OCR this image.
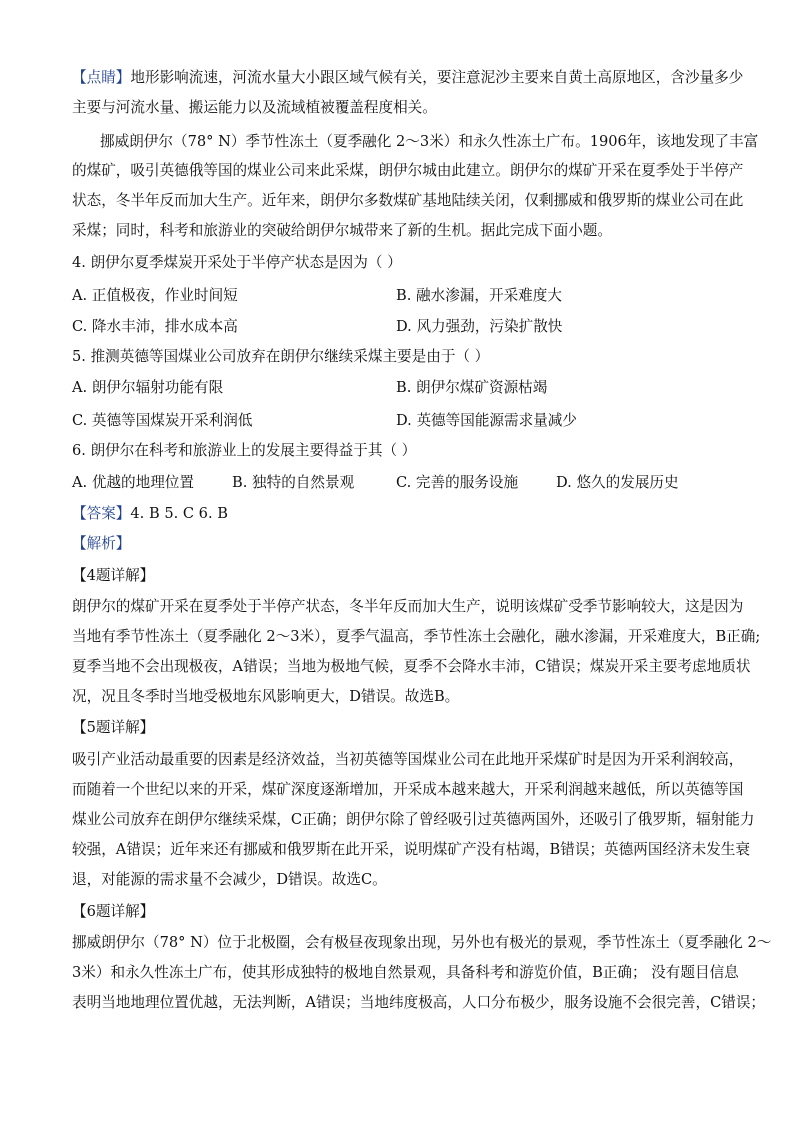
【点睛】地形影响流速，河流水量大小跟区域气候有关，要注意泥沙主要来自黄土高原地区，含沙量多少
主要与河流水量、搬运能力以及流域植被覆盖程度相关。
挪威朗伊尔（78° N）季节性冻土（夏季融化 2～3米）和永久性冻土广布。1906年，该地发现了丰富
的煤矿，吸引英德俄等国的煤业公司来此采煤，朗伊尔城由此建立。朗伊尔的煤矿开采在夏季处于半停产
状态，冬半年反而加大生产。近年来，朗伊尔多数煤矿基地陆续关闭，仅剩挪威和俄罗斯的煤业公司在此
采煤；同时，科考和旅游业的突破给朗伊尔城带来了新的生机。据此完成下面小题。
4. 朗伊尔夏季煤炭开采处于半停产状态是因为（ ）
A. 正值极夜，作业时间短	B. 融水渗漏，开采难度大
C. 降水丰沛，排水成本高	D. 风力强劲，污染扩散快
5. 推测英德等国煤业公司放弃在朗伊尔继续采煤主要是由于（ ）
A. 朗伊尔辐射功能有限	B. 朗伊尔煤矿资源枯竭
C. 英德等国煤炭开采利润低	D. 英德等国能源需求量减少
6. 朗伊尔在科考和旅游业上的发展主要得益于其（ ）
A. 优越的地理位置	B. 独特的自然景观	C. 完善的服务设施	D. 悠久的发展历史
【答案】4. B 5. C 6. B
【解析】
【4题详解】
朗伊尔的煤矿开采在夏季处于半停产状态，冬半年反而加大生产，说明该煤矿受季节影响较大，这是因为
当地有季节性冻土（夏季融化 2～3米），夏季气温高，季节性冻土会融化，融水渗漏，开采难度大，B正确;
夏季当地不会出现极夜，A错误；当地为极地气候，夏季不会降水丰沛，C错误；煤炭开采主要考虑地质状
况，况且冬季时当地受极地东风影响更大，D错误。故选B。
【5题详解】
吸引产业活动最重要的因素是经济效益，当初英德等国煤业公司在此地开采煤矿时是因为开采利润较高，
而随着一个世纪以来的开采，煤矿深度逐渐增加，开采成本越来越大，开采利润越来越低，所以英德等国
煤业公司放弃在朗伊尔继续采煤，C正确；朗伊尔除了曾经吸引过英德两国外，还吸引了俄罗斯，辐射能力
较强，A错误；近年来还有挪威和俄罗斯在此开采，说明煤矿产没有枯竭，B错误；英德两国经济未发生衰
退，对能源的需求量不会减少，D错误。故选C。
【6题详解】
挪威朗伊尔（78° N）位于北极圈，会有极昼夜现象出现，另外也有极光的景观，季节性冻土（夏季融化 2～
3米）和永久性冻土广布，使其形成独特的极地自然景观，具备科考和游览价值，B正确； 没有题目信息
表明当地地理位置优越，无法判断，A错误；当地纬度极高，人口分布极少，服务设施不会很完善，C错误；
